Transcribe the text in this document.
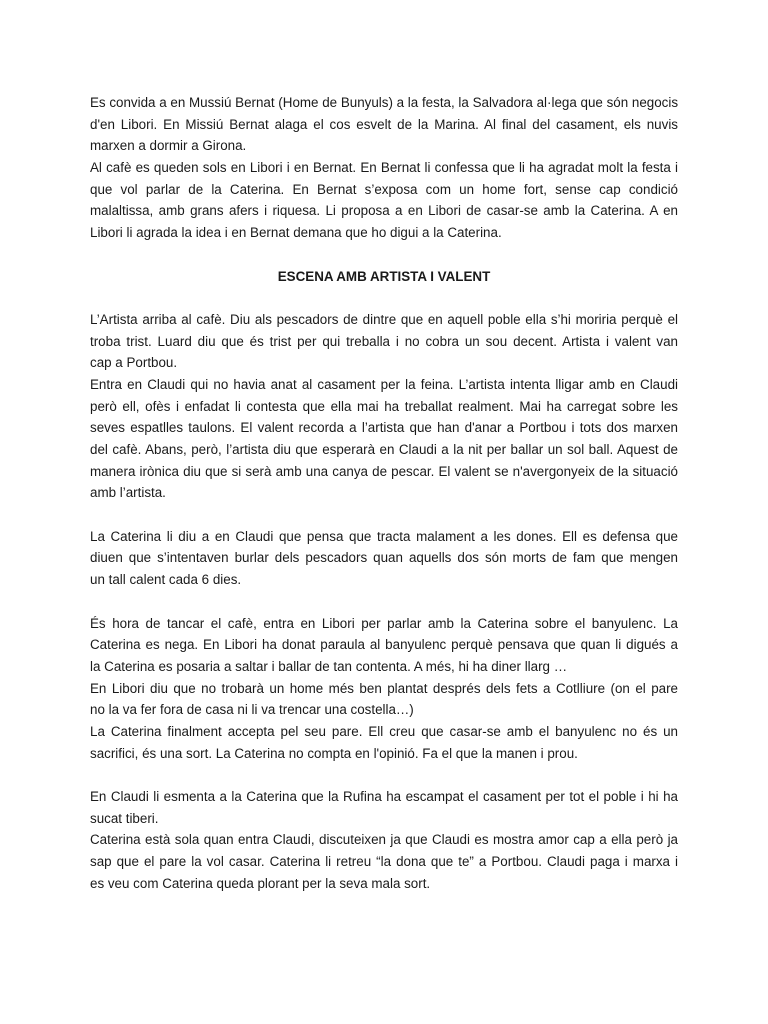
Es convida a en Mussiú Bernat (Home de Bunyuls) a la festa, la Salvadora al·lega que són negocis
d'en Libori. En Missiú Bernat alaga el cos esvelt de la Marina. Al final del casament, els nuvis
marxen a dormir a Girona.
Al cafè es queden sols en Libori i en Bernat. En Bernat li confessa que li ha agradat molt la festa i
que vol parlar de la Caterina. En Bernat s’exposa com un home fort, sense cap condició
malaltissa, amb grans afers i riquesa. Li proposa a en Libori de casar-se amb la Caterina. A en
Libori li agrada la idea i en Bernat demana que ho digui a la Caterina.
ESCENA AMB ARTISTA I VALENT
L’Artista arriba al cafè. Diu als pescadors de dintre que en aquell poble ella s’hi moriria perquè el
troba trist. Luard diu que és trist per qui treballa i no cobra un sou decent. Artista i valent van
cap a Portbou.
Entra en Claudi qui no havia anat al casament per la feina. L’artista intenta lligar amb en Claudi
però ell, ofès i enfadat li contesta que ella mai ha treballat realment. Mai ha carregat sobre les
seves espatlles taulons. El valent recorda a l’artista que han d'anar a Portbou i tots dos marxen
del cafè. Abans, però, l’artista diu que esperarà en Claudi a la nit per ballar un sol ball. Aquest de
manera irònica diu que si serà amb una canya de pescar. El valent se n'avergonyeix de la situació
amb l’artista.
La Caterina li diu a en Claudi que pensa que tracta malament a les dones. Ell es defensa que
diuen que s’intentaven burlar dels pescadors quan aquells dos són morts de fam que mengen
un tall calent cada 6 dies.
És hora de tancar el cafè, entra en Libori per parlar amb la Caterina sobre el banyulenc. La
Caterina es nega. En Libori ha donat paraula al banyulenc perquè pensava que quan li digués a
la Caterina es posaria a saltar i ballar de tan contenta. A més, hi ha diner llarg …
En Libori diu que no trobarà un home més ben plantat després dels fets a Cotlliure (on el pare
no la va fer fora de casa ni li va trencar una costella…)
La Caterina finalment accepta pel seu pare. Ell creu que casar-se amb el banyulenc no és un
sacrifici, és una sort. La Caterina no compta en l'opinió. Fa el que la manen i prou.
En Claudi li esmenta a la Caterina que la Rufina ha escampat el casament per tot el poble i hi ha
sucat tiberi.
Caterina està sola quan entra Claudi, discuteixen ja que Claudi es mostra amor cap a ella però ja
sap que el pare la vol casar. Caterina li retreu “la dona que te” a Portbou. Claudi paga i marxa i
es veu com Caterina queda plorant per la seva mala sort.
